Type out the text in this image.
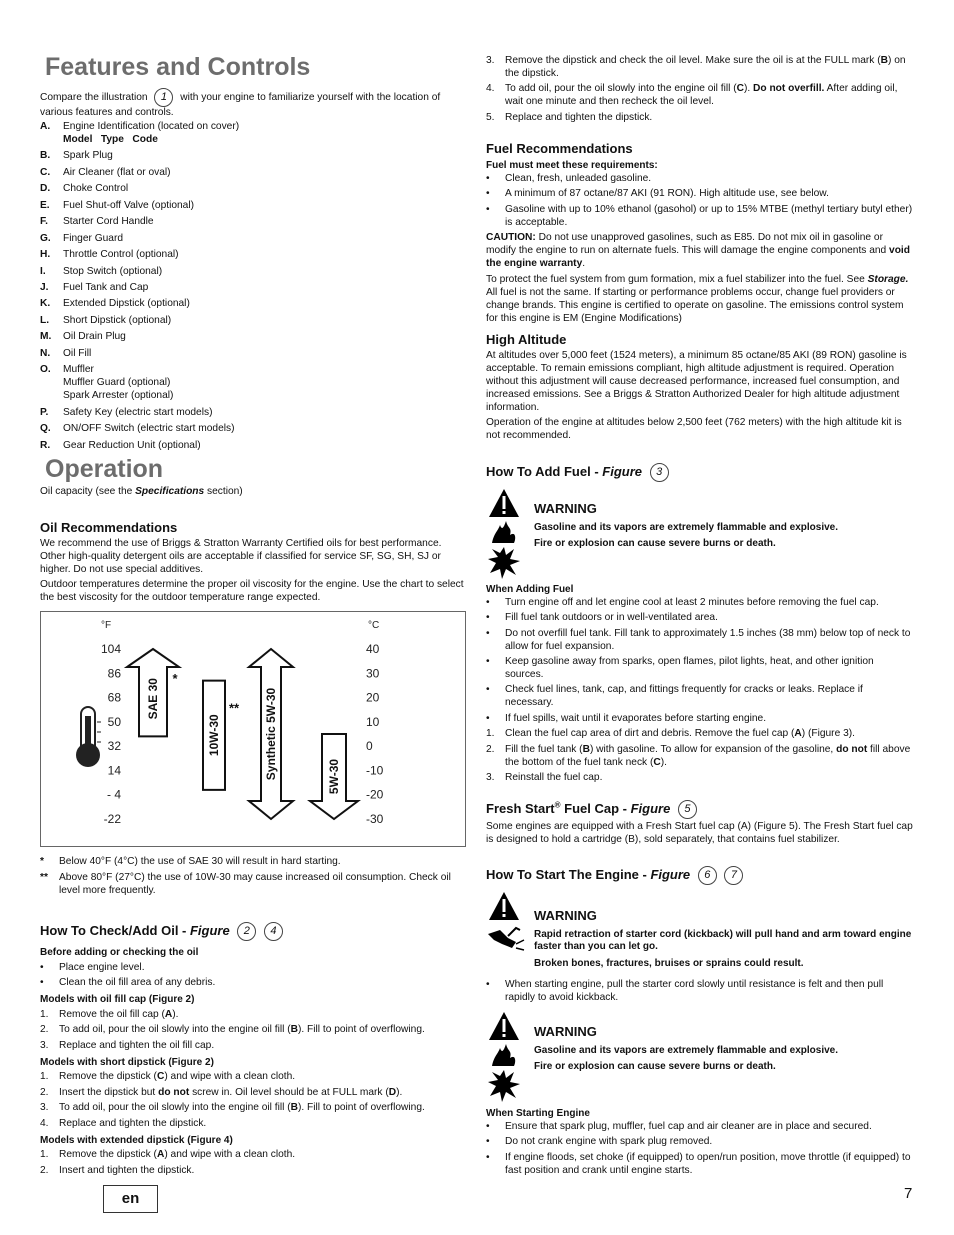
Features and Controls
Compare the illustration 1 with your engine to familiarize yourself with the location of various features and controls.
A. Engine Identification (located on cover)
Model   Type   Code
B. Spark Plug
C. Air Cleaner (flat or oval)
D. Choke Control
E. Fuel Shut-off Valve (optional)
F. Starter Cord Handle
G. Finger Guard
H. Throttle Control (optional)
I. Stop Switch (optional)
J. Fuel Tank and Cap
K. Extended Dipstick (optional)
L. Short Dipstick (optional)
M. Oil Drain Plug
N. Oil Fill
O. Muffler
Muffler Guard (optional)
Spark Arrester (optional)
P. Safety Key (electric start models)
Q. ON/OFF Switch (electric start models)
R. Gear Reduction Unit (optional)
Operation
Oil capacity (see the Specifications section)
Oil Recommendations

We recommend the use of Briggs & Stratton Warranty Certified oils for best performance. Other high-quality detergent oils are acceptable if classified for service SF, SG, SH, SJ or higher. Do not use special additives.

Outdoor temperatures determine the proper oil viscosity for the engine. Use the chart to select the best viscosity for the outdoor temperature range expected.

°F	°C
104	40
86	30
68	20
50	10
32	0
14	-10
- 4	-20
-22	-30
SAE 30 *
10W-30
** Synthetic 5W-30	5W-30
* Below 40°F (4°C) the use of SAE 30 will result in hard starting.
** Above 80°F (27°C) the use of 10W-30 may cause increased oil consumption. Check oil level more frequently.
How To Check/Add Oil - Figure 2 4
Before adding or checking the oil
• Place engine level.
• Clean the oil fill area of any debris.
Models with oil fill cap (Figure 2)
1. Remove the oil fill cap (A).
2. To add oil, pour the oil slowly into the engine oil fill (B). Fill to point of overflowing.
3. Replace and tighten the oil fill cap.
Models with short dipstick (Figure 2)
1. Remove the dipstick (C) and wipe with a clean cloth.
2. Insert the dipstick but do not screw in. Oil level should be at FULL mark (D).
3. To add oil, pour the oil slowly into the engine oil fill (B). Fill to point of overflowing.
4. Replace and tighten the dipstick.
Models with extended dipstick (Figure 4)
1. Remove the dipstick (A) and wipe with a clean cloth.
2. Insert and tighten the dipstick.
3. Remove the dipstick and check the oil level. Make sure the oil is at the FULL mark (B) on the dipstick.
4. To add oil, pour the oil slowly into the engine oil fill (C). Do not overfill. After adding oil, wait one minute and then recheck the oil level.
5. Replace and tighten the dipstick.
Fuel Recommendations
Fuel must meet these requirements:
• Clean, fresh, unleaded gasoline.
• A minimum of 87 octane/87 AKI (91 RON). High altitude use, see below.
• Gasoline with up to 10% ethanol (gasohol) or up to 15% MTBE (methyl tertiary butyl ether) is acceptable.

CAUTION: Do not use unapproved gasolines, such as E85. Do not mix oil in gasoline or modify the engine to run on alternate fuels. This will damage the engine components and void the engine warranty.

To protect the fuel system from gum formation, mix a fuel stabilizer into the fuel. See Storage. All fuel is not the same. If starting or performance problems occur, change fuel providers or change brands. This engine is certified to operate on gasoline. The emissions control system for this engine is EM (Engine Modifications)

High Altitude

At altitudes over 5,000 feet (1524 meters), a minimum 85 octane/85 AKI (89 RON) gasoline is acceptable. To remain emissions compliant, high altitude adjustment is required. Operation without this adjustment will cause decreased performance, increased fuel consumption, and increased emissions. See a Briggs & Stratton Authorized Dealer for high altitude adjustment information.

Operation of the engine at altitudes below 2,500 feet (762 meters) with the high altitude kit is not recommended.

How To Add Fuel - Figure 3
WARNING
Gasoline and its vapors are extremely flammable and explosive.
Fire or explosion can cause severe burns or death.
When Adding Fuel
• Turn engine off and let engine cool at least 2 minutes before removing the fuel cap.
• Fill fuel tank outdoors or in well-ventilated area.
• Do not overfill fuel tank. Fill tank to approximately 1.5 inches (38 mm) below top of neck to allow for fuel expansion.
• Keep gasoline away from sparks, open flames, pilot lights, heat, and other ignition sources.
• Check fuel lines, tank, cap, and fittings frequently for cracks or leaks. Replace if necessary.
• If fuel spills, wait until it evaporates before starting engine.
1. Clean the fuel cap area of dirt and debris. Remove the fuel cap (A) (Figure 3).
2. Fill the fuel tank (B) with gasoline. To allow for expansion of the gasoline, do not fill above the bottom of the fuel tank neck (C).
3. Reinstall the fuel cap.
Fresh Start® Fuel Cap - Figure 5

Some engines are equipped with a Fresh Start fuel cap (A) (Figure 5). The Fresh Start fuel cap is designed to hold a cartridge (B), sold separately, that contains fuel stabilizer.

How To Start The Engine - Figure 6 7
WARNING
Rapid retraction of starter cord (kickback) will pull hand and arm toward engine faster than you can let go.
Broken bones, fractures, bruises or sprains could result.
• When starting engine, pull the starter cord slowly until resistance is felt and then pull rapidly to avoid kickback.
WARNING
Gasoline and its vapors are extremely flammable and explosive.
Fire or explosion can cause severe burns or death.
When Starting Engine
• Ensure that spark plug, muffler, fuel cap and air cleaner are in place and secured.
• Do not crank engine with spark plug removed.
• If engine floods, set choke (if equipped) to open/run position, move throttle (if equipped) to fast position and crank until engine starts.
en	7
